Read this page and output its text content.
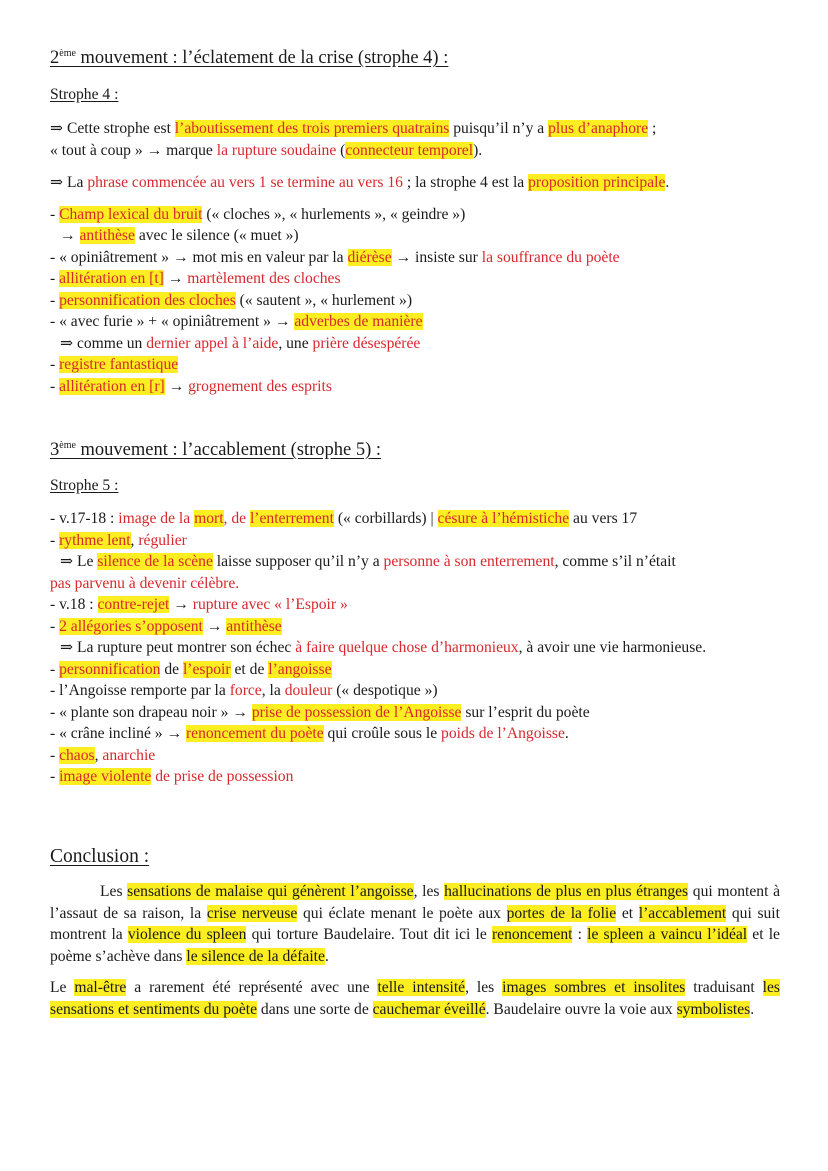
2ème mouvement : l’éclatement de la crise (strophe 4) :
Strophe 4 :
⇒ Cette strophe est l’aboutissement des trois premiers quatrains puisqu’il n’y a plus d’anaphore ;
« tout à coup » → marque la rupture soudaine (connecteur temporel).
⇒ La phrase commencée au vers 1 se termine au vers 16 ; la strophe 4 est la proposition principale.
- Champ lexical du bruit (« cloches », « hurlements », « geindre »)
→ antithèse avec le silence (« muet »)
- « opiniâtrement » → mot mis en valeur par la diérèse → insiste sur la souffrance du poète
- allitération en [t] → martèlement des cloches
- personnification des cloches (« sautent », « hurlement »)
- « avec furie » + « opiniâtrement » → adverbes de manière
⇒ comme un dernier appel à l’aide, une prière désespérée
- registre fantastique
- allitération en [r] → grognement des esprits
3ème mouvement : l’accablement (strophe 5) :
Strophe 5 :
- v.17-18 : image de la mort, de l’enterrement (« corbillards) | césure à l’hémistiche au vers 17
- rythme lent, régulier
⇒ Le silence de la scène laisse supposer qu’il n’y a personne à son enterrement, comme s’il n’était
pas parvenu à devenir célèbre.
- v.18 : contre-rejet → rupture avec « l’Espoir »
- 2 allégories s’opposent → antithèse
⇒ La rupture peut montrer son échec à faire quelque chose d’harmonieux, à avoir une vie harmonieuse.
- personnification de l’espoir et de l’angoisse
- l’Angoisse remporte par la force, la douleur (« despotique »)
- « plante son drapeau noir » → prise de possession de l’Angoisse sur l’esprit du poète
- « crâne incliné » → renoncement du poète qui croûle sous le poids de l’Angoisse.
- chaos, anarchie
- image violente de prise de possession
Conclusion :
Les sensations de malaise qui génèrent l’angoisse, les hallucinations de plus en plus étranges qui montent à l’assaut de sa raison, la crise nerveuse qui éclate menant le poète aux portes de la folie et l’accablement qui suit montrent la violence du spleen qui torture Baudelaire. Tout dit ici le renoncement : le spleen a vaincu l’idéal et le poème s’achève dans le silence de la défaite.
Le mal-être a rarement été représenté avec une telle intensité, les images sombres et insolites traduisant les sensations et sentiments du poète dans une sorte de cauchemar éveillé. Baudelaire ouvre la voie aux symbolistes.
